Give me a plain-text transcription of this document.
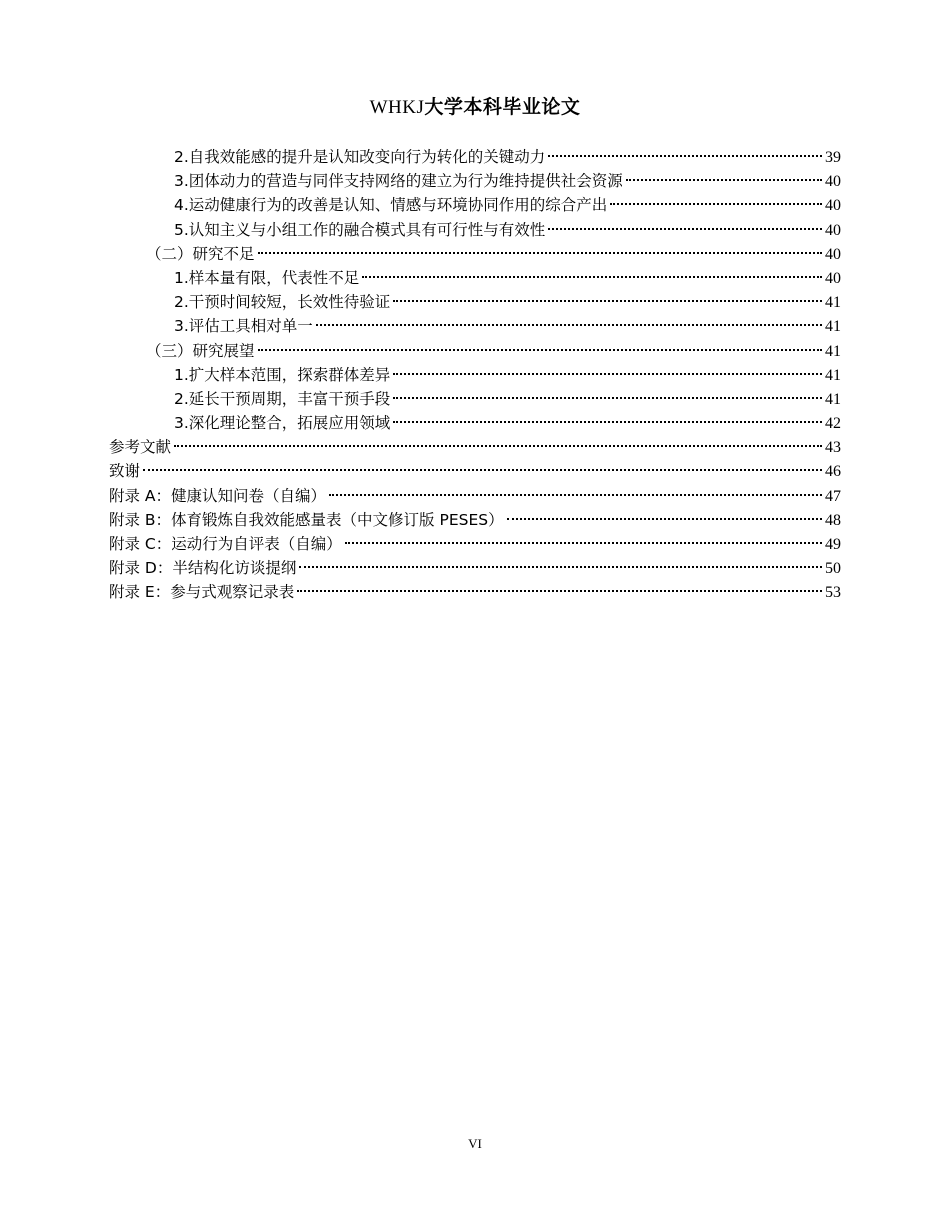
WHKJ大学本科毕业论文
2.自我效能感的提升是认知改变向行为转化的关键动力	39
3.团体动力的营造与同伴支持网络的建立为行为维持提供社会资源	40
4.运动健康行为的改善是认知、情感与环境协同作用的综合产出	40
5.认知主义与小组工作的融合模式具有可行性与有效性	40
（二）研究不足	40
1.样本量有限，代表性不足	40
2.干预时间较短，长效性待验证	41
3.评估工具相对单一	41
（三）研究展望	41
1.扩大样本范围，探索群体差异	41
2.延长干预周期，丰富干预手段	41
3.深化理论整合，拓展应用领域	42
参考文献	43
致谢	46
附录 A：健康认知问卷（自编）	47
附录 B：体育锻炼自我效能感量表（中文修订版 PESES）	48
附录 C：运动行为自评表（自编）	49
附录 D：半结构化访谈提纲	50
附录 E：参与式观察记录表	53
VI
